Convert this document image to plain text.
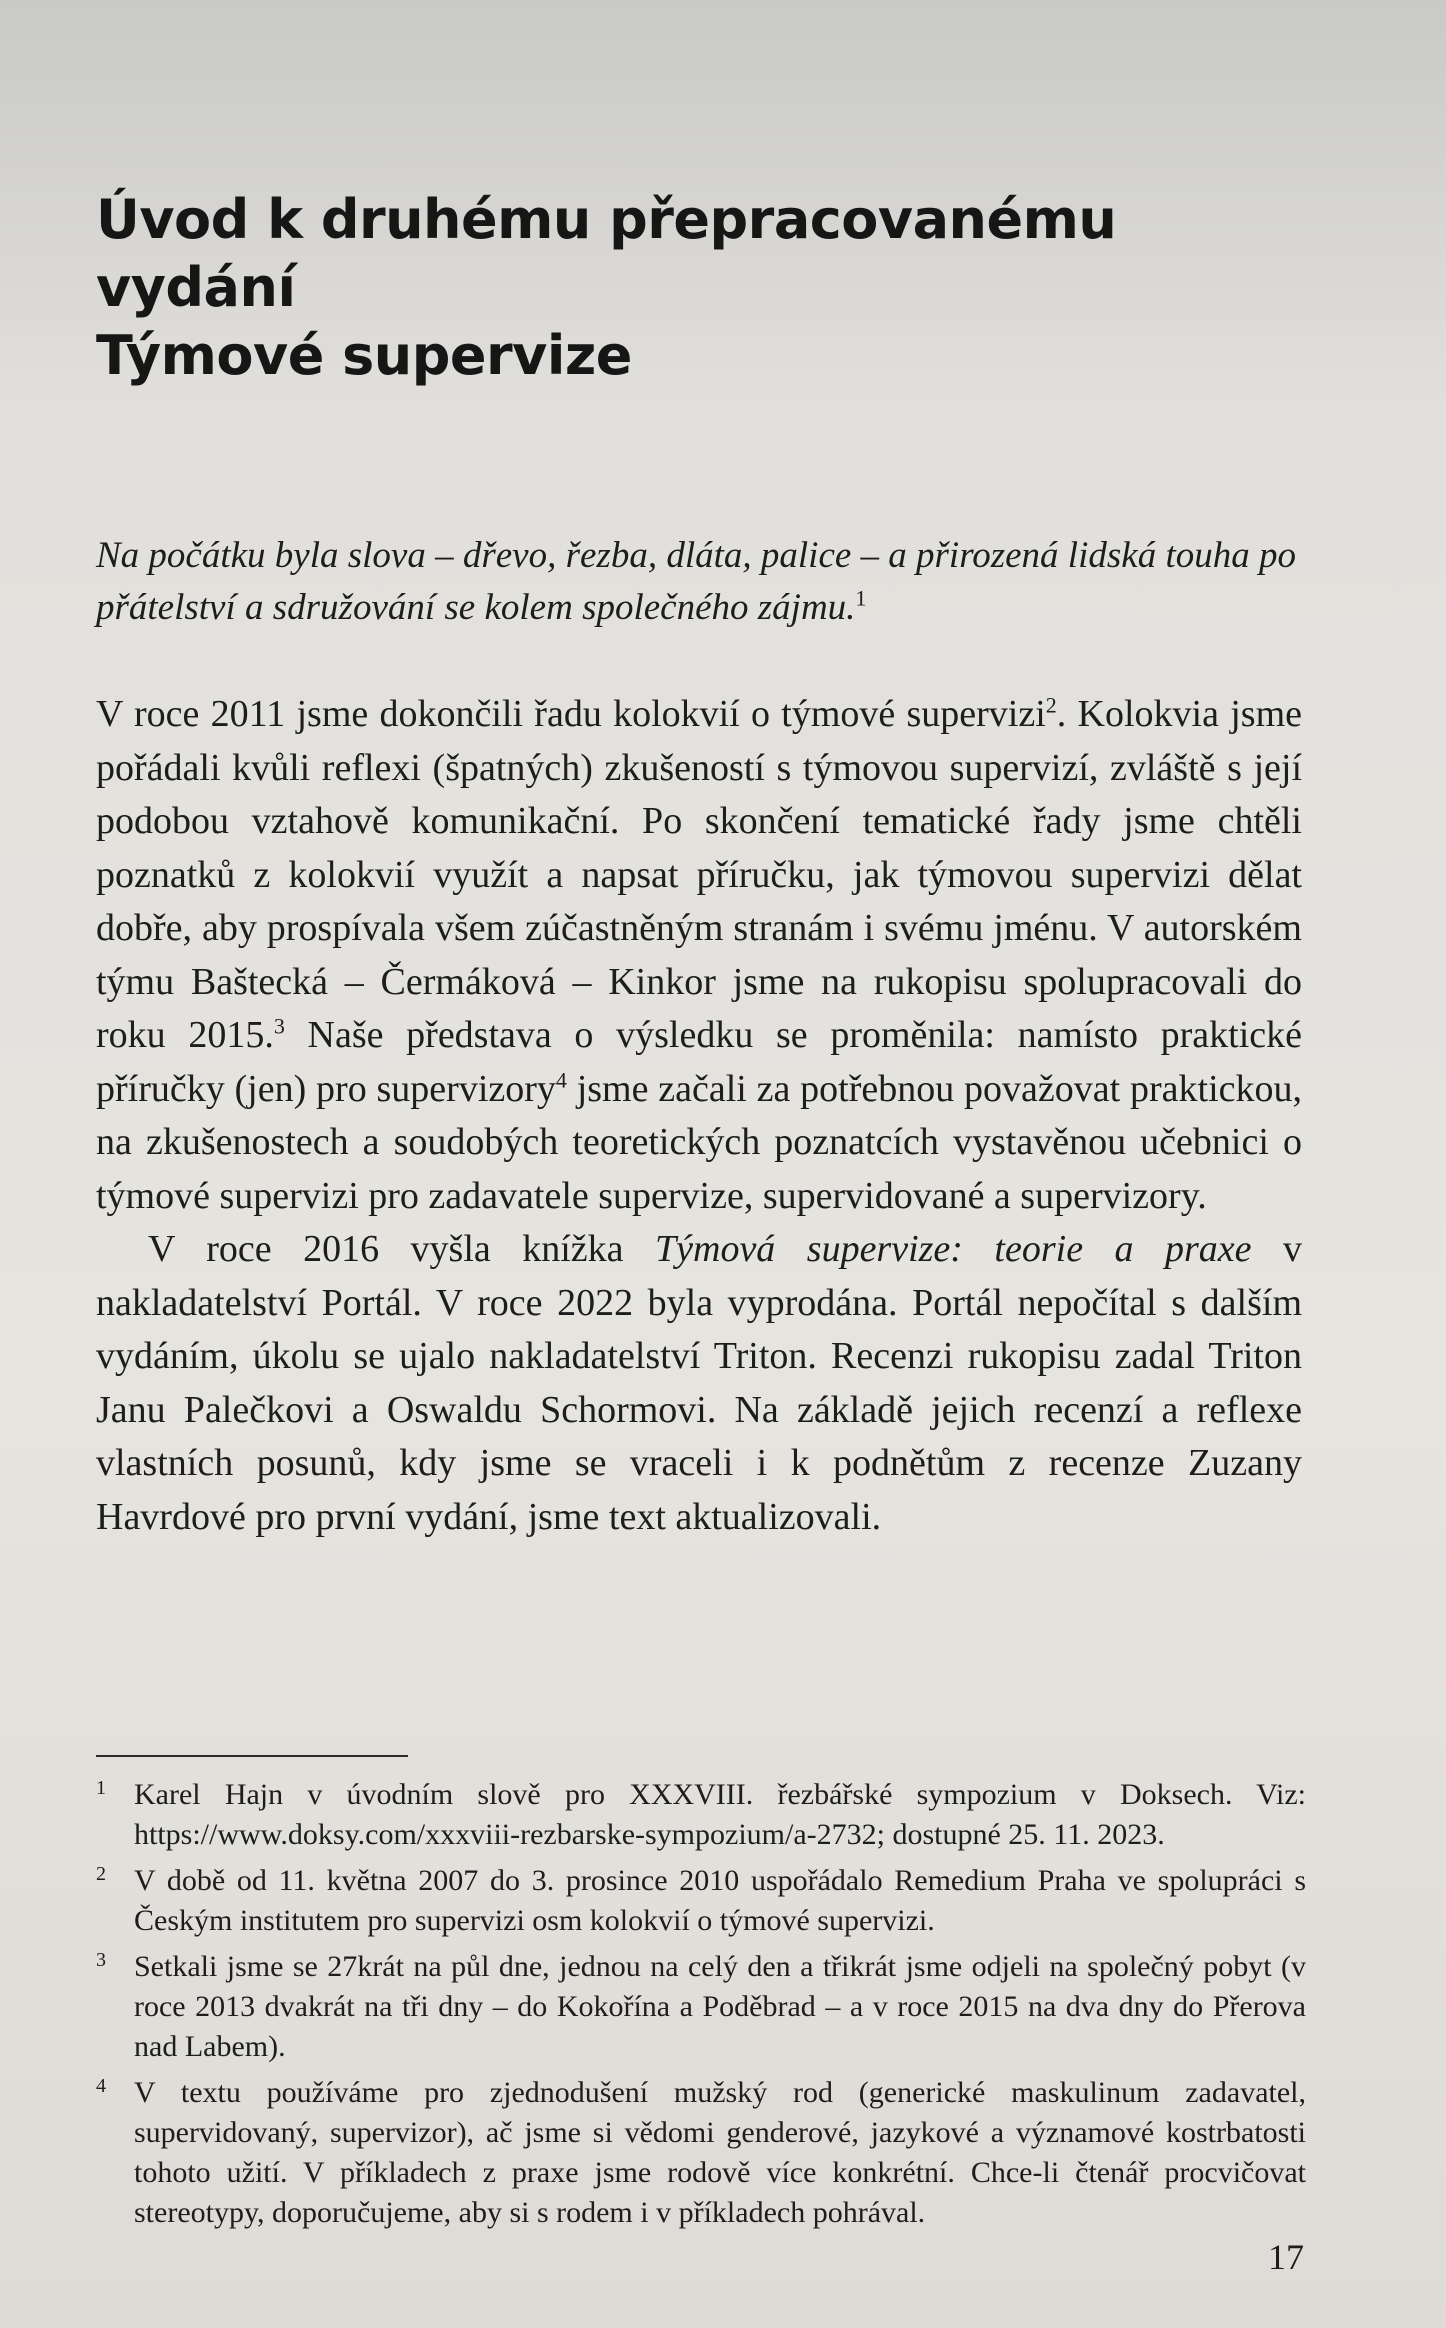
Úvod k druhému přepracovanému vydání
Týmové supervize

Na počátku byla slova – dřevo, řezba, dláta, palice – a přirozená lidská touha po přátelství a sdružování se kolem společného zájmu.$^1$

V roce 2011 jsme dokončili řadu kolokvií o týmové supervizi$^2$. Kolokvia jsme pořádali kvůli reflexi (špatných) zkušeností s týmovou supervizí, zvláště s její podobou vztahově komunikační. Po skončení tematické řady jsme chtěli poznatků z kolokvií využít a napsat příručku, jak týmovou supervizi dělat dobře, aby prospívala všem zúčastněným stranám i svému jménu. V autorském týmu Baštecká – Čermáková – Kinkor jsme na rukopisu spolupracovali do roku 2015.$^3$ Naše představa o výsledku se proměnila: namísto praktické příručky (jen) pro supervizory$^4$ jsme začali za potřebnou považovat praktickou, na zkušenostech a soudobých teoretických poznatcích vystavěnou učebnici o týmové supervizi pro zadavatele supervize, supervidované a supervizory.

V roce 2016 vyšla knížka Týmová supervize: teorie a praxe v nakladatelství Portál. V roce 2022 byla vyprodána. Portál nepočítal s dalším vydáním, úkolu se ujalo nakladatelství Triton. Recenzi rukopisu zadal Triton Janu Palečkovi a Oswaldu Schormovi. Na základě jejich recenzí a reflexe vlastních posunů, kdy jsme se vraceli i k podnětům z recenze Zuzany Havrdové pro první vydání, jsme text aktualizovali.

1 Karel Hajn v úvodním slově pro XXXVIII. řezbářské sympozium v Doksech. Viz: https://www.doksy.com/xxxviii-rezbarske-sympozium/a-2732; dostupné 25. 11. 2023.
2 V době od 11. května 2007 do 3. prosince 2010 uspořádalo Remedium Praha ve spolupráci s Českým institutem pro supervizi osm kolokvií o týmové supervizi.
3 Setkali jsme se 27krát na půl dne, jednou na celý den a třikrát jsme odjeli na společný pobyt (v roce 2013 dvakrát na tři dny – do Kokořína a Poděbrad – a v roce 2015 na dva dny do Přerova nad Labem).
4 V textu používáme pro zjednodušení mužský rod (generické maskulinum zadavatel, supervidovaný, supervizor), ač jsme si vědomi genderové, jazykové a významové kostrbatosti tohoto užití. V příkladech z praxe jsme rodově více konkrétní. Chce-li čtenář procvičovat stereotypy, doporučujeme, aby si s rodem i v příkladech pohrával.
17
